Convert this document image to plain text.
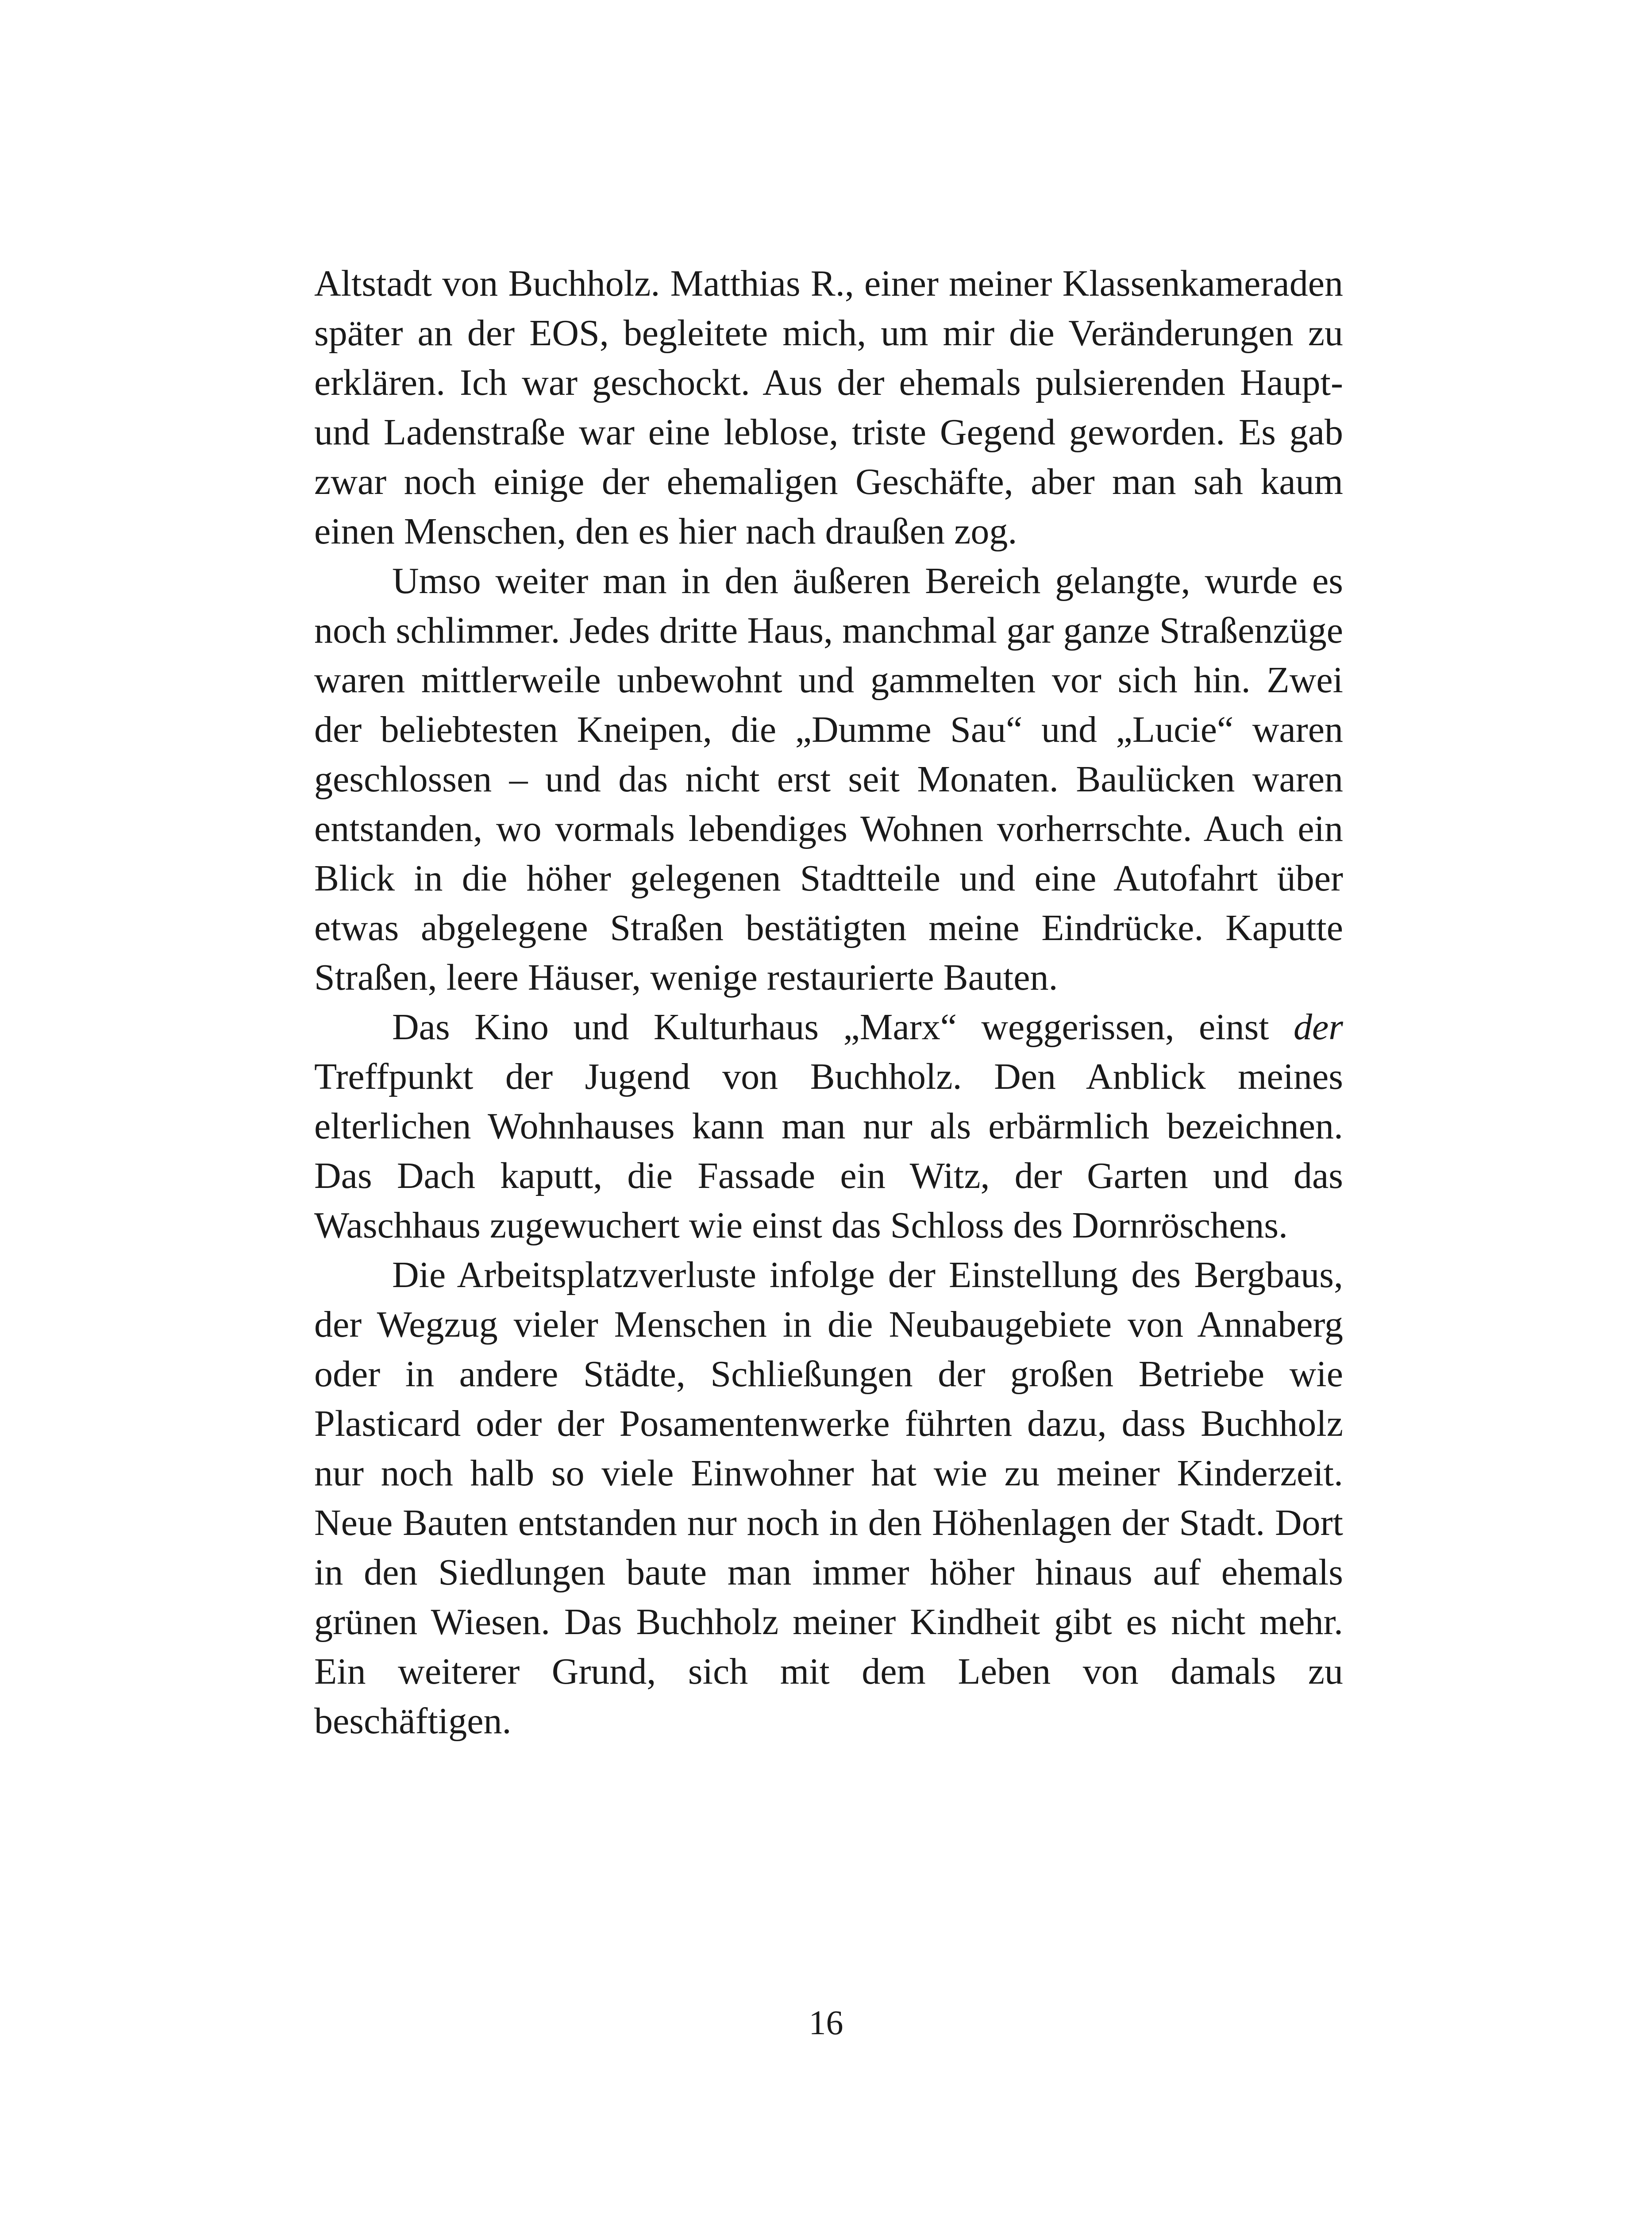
Altstadt von Buchholz. Matthias R., einer meiner Klassenkameraden später an der EOS, begleitete mich, um mir die Veränderungen zu erklären. Ich war geschockt. Aus der ehemals pulsierenden Haupt- und Ladenstraße war eine leblose, triste Gegend geworden. Es gab zwar noch einige der ehemaligen Geschäfte, aber man sah kaum einen Menschen, den es hier nach draußen zog.

Umso weiter man in den äußeren Bereich gelangte, wurde es noch schlimmer. Jedes dritte Haus, manchmal gar ganze Straßenzüge waren mittlerweile unbewohnt und gammelten vor sich hin. Zwei der beliebtesten Kneipen, die „Dumme Sau“ und „Lucie“ waren geschlossen – und das nicht erst seit Monaten. Baulücken waren entstanden, wo vormals lebendiges Wohnen vorherrschte. Auch ein Blick in die höher gelegenen Stadtteile und eine Autofahrt über etwas abgelegene Straßen bestätigten meine Eindrücke. Kaputte Straßen, leere Häuser, wenige restaurierte Bauten.

Das Kino und Kulturhaus „Marx“ weggerissen, einst der Treffpunkt der Jugend von Buchholz. Den Anblick meines elterlichen Wohnhauses kann man nur als erbärmlich bezeichnen. Das Dach kaputt, die Fassade ein Witz, der Garten und das Waschhaus zugewuchert wie einst das Schloss des Dornröschens.

Die Arbeitsplatzverluste infolge der Einstellung des Bergbaus, der Wegzug vieler Menschen in die Neubaugebiete von Annaberg oder in andere Städte, Schließungen der großen Betriebe wie Plasticard oder der Posamentenwerke führten dazu, dass Buchholz nur noch halb so viele Einwohner hat wie zu meiner Kinderzeit. Neue Bauten entstanden nur noch in den Höhenlagen der Stadt. Dort in den Siedlungen baute man immer höher hinaus auf ehemals grünen Wiesen. Das Buchholz meiner Kindheit gibt es nicht mehr. Ein weiterer Grund, sich mit dem Leben von damals zu beschäftigen.

16
